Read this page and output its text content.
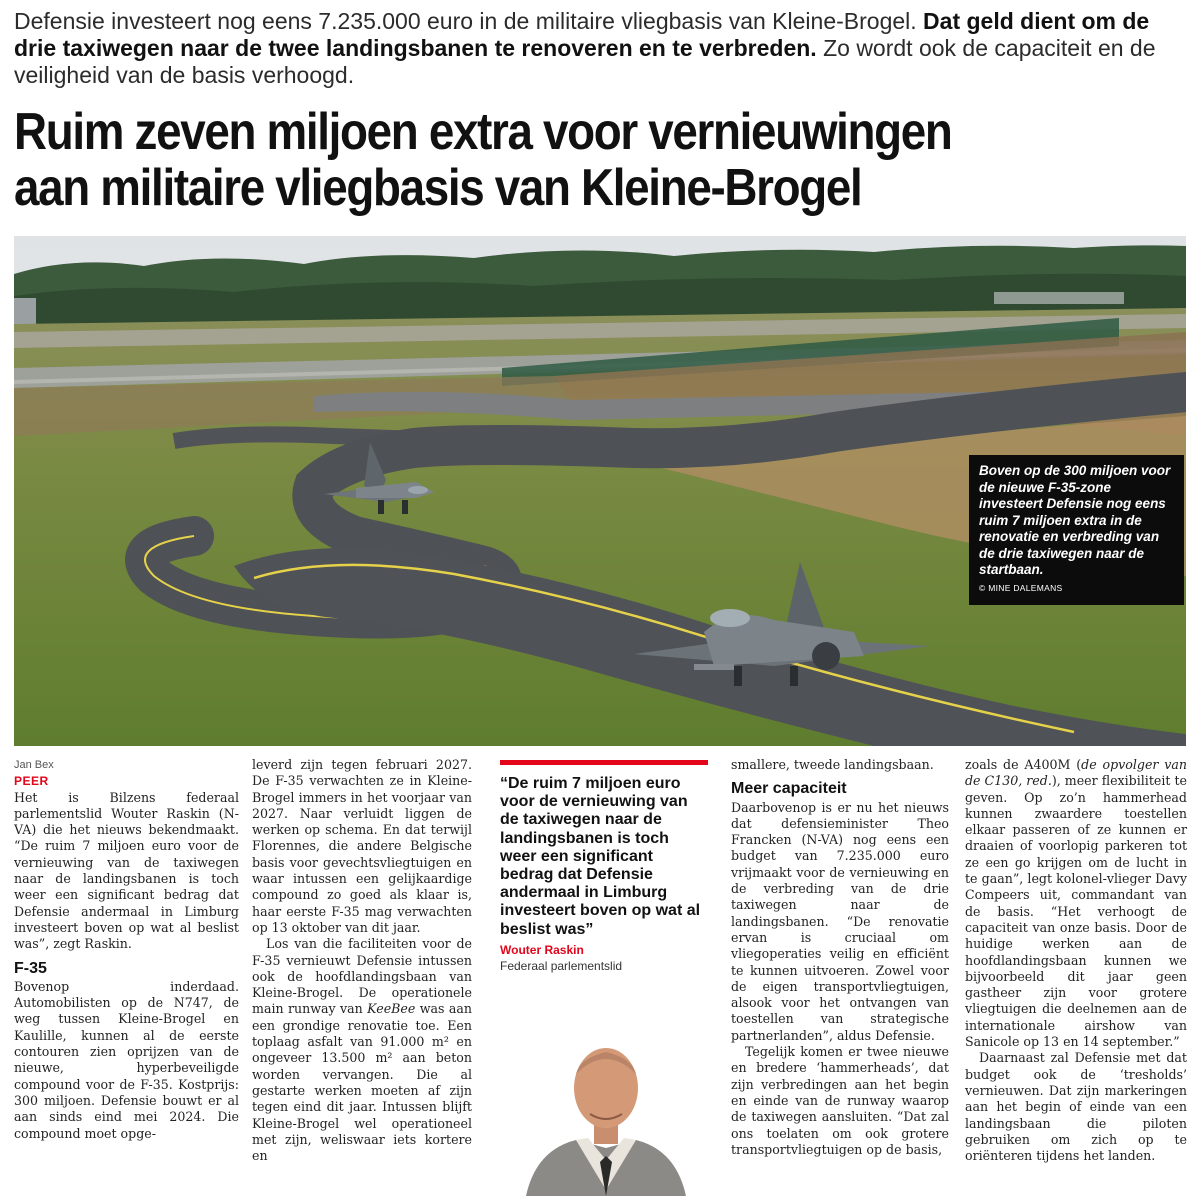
Defensie investeert nog eens 7.235.000 euro in de militaire vliegbasis van Kleine-Brogel. Dat geld dient om de drie taxiwegen naar de twee landingsbanen te renoveren en te verbreden. Zo wordt ook de capaciteit en de veiligheid van de basis verhoogd.

Ruim zeven miljoen extra voor vernieuwingen
aan militaire vliegbasis van Kleine-Brogel

Boven op de 300 miljoen voor de nieuwe F-35-zone investeert Defensie nog eens ruim 7 miljoen extra in de renovatie en verbreding van de drie taxiwegen naar de startbaan.

© MINE DALEMANS

Jan Bex

PEER

Het is Bilzens federaal parlementslid Wouter Raskin (N-VA) die het nieuws bekendmaakt. “De ruim 7 miljoen euro voor de vernieuwing van de taxiwegen naar de landingsbanen is toch weer een significant bedrag dat Defensie andermaal in Limburg investeert boven op wat al beslist was”, zegt Raskin.

F-35

Bovenop inderdaad. Automobilisten op de N747, de weg tussen Kleine-Brogel en Kaulille, kunnen al de eerste contouren zien oprijzen van de nieuwe, hyperbeveiligde compound voor de F-35. Kostprijs: 300 miljoen. Defensie bouwt er al aan sinds eind mei 2024. Die compound moet opge-

leverd zijn tegen februari 2027. De F-35 verwachten ze in Kleine-Brogel immers in het voorjaar van 2027. Naar verluidt liggen de werken op schema. En dat terwijl Florennes, die andere Belgische basis voor gevechtsvliegtuigen en waar intussen een gelijkaardige compound zo goed als klaar is, haar eerste F-35 mag verwachten op 13 oktober van dit jaar.

Los van die faciliteiten voor de F-35 vernieuwt Defensie intussen ook de hoofdlandingsbaan van Kleine-Brogel. De operationele main runway van KeeBee was aan een grondige renovatie toe. Een toplaag asfalt van 91.000 m² en ongeveer 13.500 m² aan beton worden vervangen. Die al gestarte werken moeten af zijn tegen eind dit jaar. Intussen blijft Kleine-Brogel wel operationeel met zijn, weliswaar iets kortere en

“De ruim 7 miljoen euro voor de vernieuwing van de taxiwegen naar de landingsbanen is toch weer een significant bedrag dat Defensie andermaal in Limburg investeert boven op wat al beslist was”

Wouter Raskin

Federaal parlementslid

smallere, tweede landingsbaan.

Meer capaciteit

Daarbovenop is er nu het nieuws dat defensieminister Theo Francken (N-VA) nog eens een budget van 7.235.000 euro vrijmaakt voor de vernieuwing en de verbreding van de drie taxiwegen naar de landingsbanen. “De renovatie ervan is cruciaal om vliegoperaties veilig en efficiënt te kunnen uitvoeren. Zowel voor de eigen transportvliegtuigen, alsook voor het ontvangen van toestellen van strategische partnerlanden”, aldus Defensie.

Tegelijk komen er twee nieuwe en bredere ‘hammerheads’, dat zijn verbredingen aan het begin en einde van de runway waarop de taxiwegen aansluiten. “Dat zal ons toelaten om ook grotere transportvliegtuigen op de basis,

zoals de A400M (de opvolger van de C130, red.), meer flexibiliteit te geven. Op zo’n hammerhead kunnen zwaardere toestellen elkaar passeren of ze kunnen er draaien of voorlopig parkeren tot ze een go krijgen om de lucht in te gaan”, legt kolonel-vlieger Davy Compeers uit, commandant van de basis. “Het verhoogt de capaciteit van onze basis. Door de huidige werken aan de hoofdlandingsbaan kunnen we bijvoorbeeld dit jaar geen gastheer zijn voor grotere vliegtuigen die deelnemen aan de internationale airshow van Sanicole op 13 en 14 september.”

Daarnaast zal Defensie met dat budget ook de ‘tresholds’ vernieuwen. Dat zijn markeringen aan het begin of einde van een landingsbaan die piloten gebruiken om zich op te oriënteren tijdens het landen.
